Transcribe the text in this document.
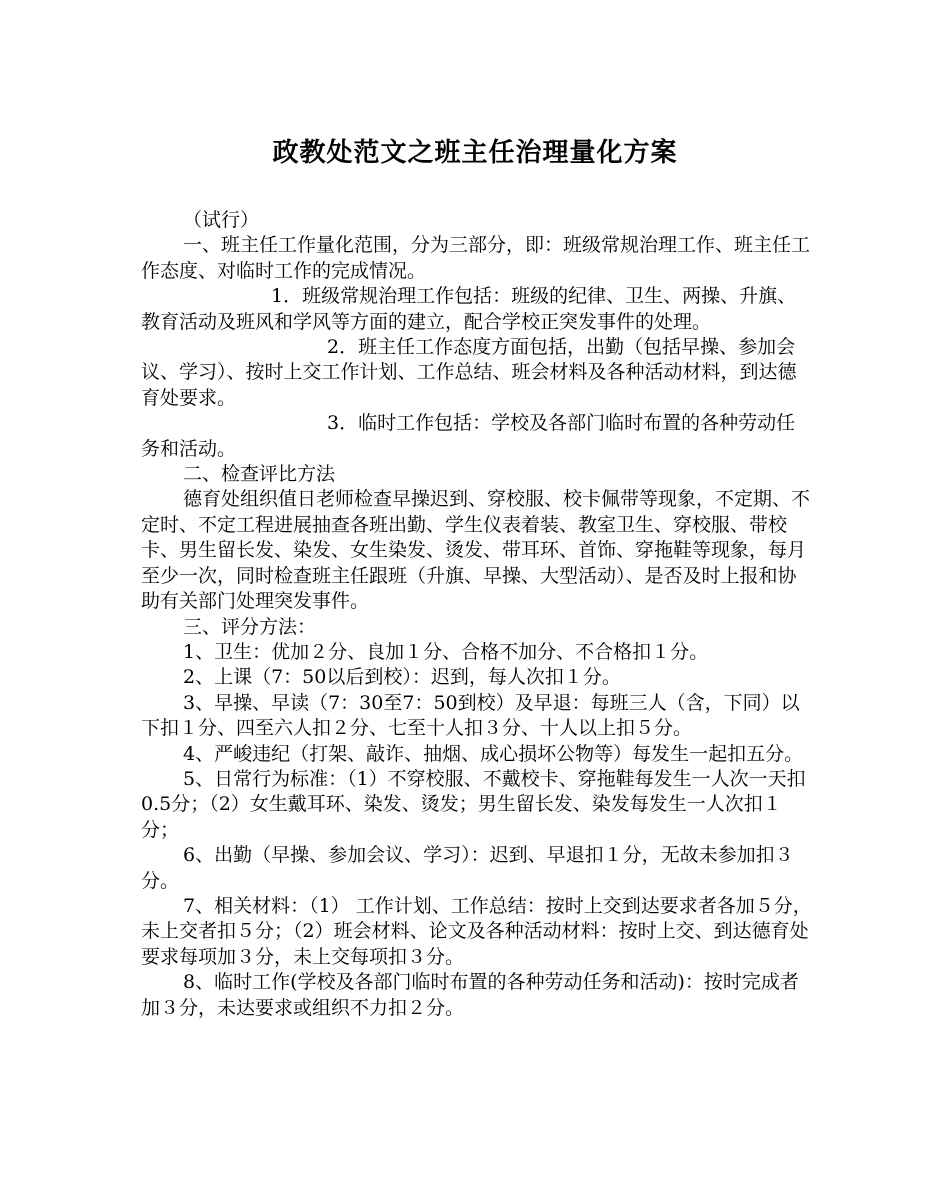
政教处范文之班主任治理量化方案

（试行）

一、班主任工作量化范围，分为三部分，即：班级常规治理工作、班主任工作态度、对临时工作的完成情况。

1．班级常规治理工作包括：班级的纪律、卫生、两操、升旗、教育活动及班风和学风等方面的建立，配合学校正突发事件的处理。

2．班主任工作态度方面包括，出勤（包括早操、参加会议、学习）、按时上交工作计划、工作总结、班会材料及各种活动材料，到达德育处要求。

3．临时工作包括：学校及各部门临时布置的各种劳动任务和活动。

二、检查评比方法

德育处组织值日老师检查早操迟到、穿校服、校卡佩带等现象，不定期、不定时、不定工程进展抽查各班出勤、学生仪表着装、教室卫生、穿校服、带校卡、男生留长发、染发、女生染发、烫发、带耳环、首饰、穿拖鞋等现象，每月至少一次，同时检查班主任跟班（升旗、早操、大型活动）、是否及时上报和协助有关部门处理突发事件。

三、评分方法：

1、卫生：优加２分、良加１分、合格不加分、不合格扣１分。

2、上课（7：50以后到校）：迟到，每人次扣１分。

3、早操、早读（7：30至7：50到校）及早退：每班三人（含，下同）以下扣１分、四至六人扣２分、七至十人扣３分、十人以上扣５分。

4、严峻违纪（打架、敲诈、抽烟、成心损坏公物等）每发生一起扣五分。

5、日常行为标准：（1）不穿校服、不戴校卡、穿拖鞋每发生一人次一天扣0.5分；（2）女生戴耳环、染发、烫发；男生留长发、染发每发生一人次扣１分；

6、出勤（早操、参加会议、学习）：迟到、早退扣１分，无故未参加扣３分。

7、相关材料：（1） 工作计划、工作总结：按时上交到达要求者各加５分，未上交者扣５分；（2）班会材料、论文及各种活动材料：按时上交、到达德育处要求每项加３分，未上交每项扣３分。

8、临时工作(学校及各部门临时布置的各种劳动任务和活动)：按时完成者加３分，未达要求或组织不力扣２分。
